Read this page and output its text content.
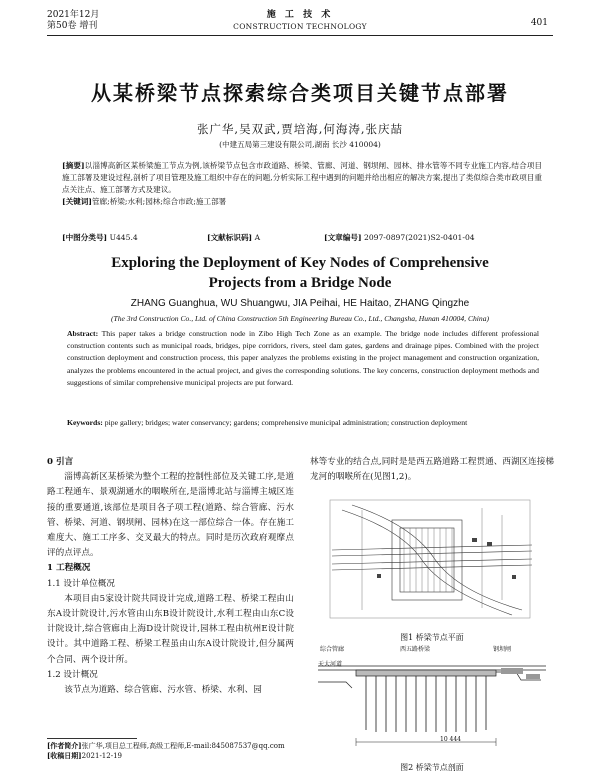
2021年12月
第50卷 增刊
施 工 技 术
CONSTRUCTION TECHNOLOGY	401
从某桥梁节点探索综合类项目关键节点部署
张广华,吴双武,贾培海,何海涛,张庆喆
(中建五局第三建设有限公司,湖南 长沙 410004)
[摘要]以淄博高新区某桥梁施工节点为例,该桥梁节点包含市政道路、桥梁、管廊、河道、钢坝闸、园林、排水管等不同专业施工内容,结合项目施工部署及建设过程,剖析了项目管理及施工组织中存在的问题,分析实际工程中遇到的问题并给出相应的解决方案,提出了类似综合类市政项目重点关注点、施工部署方式及建议。
[关键词]管廊;桥梁;水利;园林;综合市政;施工部署
[中图分类号] U445.4	[文献标识码] A	[文章编号] 2097-0897(2021)S2-0401-04
Exploring the Deployment of Key Nodes of Comprehensive
Projects from a Bridge Node
ZHANG Guanghua, WU Shuangwu, JIA Peihai, HE Haitao, ZHANG Qingzhe
(The 3rd Construction Co., Ltd. of China Construction 5th Engineering Bureau Co., Ltd., Changsha, Hunan 410004, China)
Abstract: This paper takes a bridge construction node in Zibo High Tech Zone as an example. The bridge node includes different professional construction contents such as municipal roads, bridges, pipe corridors, rivers, steel dam gates, gardens and drainage pipes. Combined with the project construction deployment and construction process, this paper analyzes the problems existing in the project management and construction organization, analyzes the problems encountered in the actual project, and gives the corresponding solutions. The key concerns, construction deployment methods and suggestions of similar comprehensive municipal projects are put forward.
Keywords: pipe gallery; bridges; water conservancy; gardens; comprehensive municipal administration; construction deployment
0 引言

淄博高新区某桥梁为整个工程的控制性部位及关键工序,是道路工程通车、景观湖通水的咽喉所在,是淄博北站与淄博主城区连接的重要通道,该部位是项目各子项工程(道路、综合管廊、污水管、桥梁、河道、钢坝闸、园林)在这一部位综合一体。存在施工难度大、施工工序多、交叉最大的特点。同时是历次政府观摩点评的点评点。

1 工程概况
1.1 设计单位概况

本项目由5家设计院共同设计完成,道路工程、桥梁工程由山东A设计院设计,污水管由山东B设计院设计,水利工程由山东C设计院设计,综合管廊由上海D设计院设计,园林工程由杭州E设计院设计。其中道路工程、桥梁工程虽由山东A设计院设计,但分属两个合同、两个设计所。

1.2 设计概况

该节点为道路、综合管廊、污水管、桥梁、水利、园

林等专业的结合点,同时是是西五路道路工程贯通、西湖区连接梯龙河的咽喉所在(见图1,2)。
图1 桥梁节点平面
综合管廊	西五路桥梁	钢坝闸
天大河道
10 444
图2 桥梁节点剖面
[作者简介]张广华,项目总工程师,高级工程师,E-mail:845087537@qq.com
[收稿日期]2021-12-19
